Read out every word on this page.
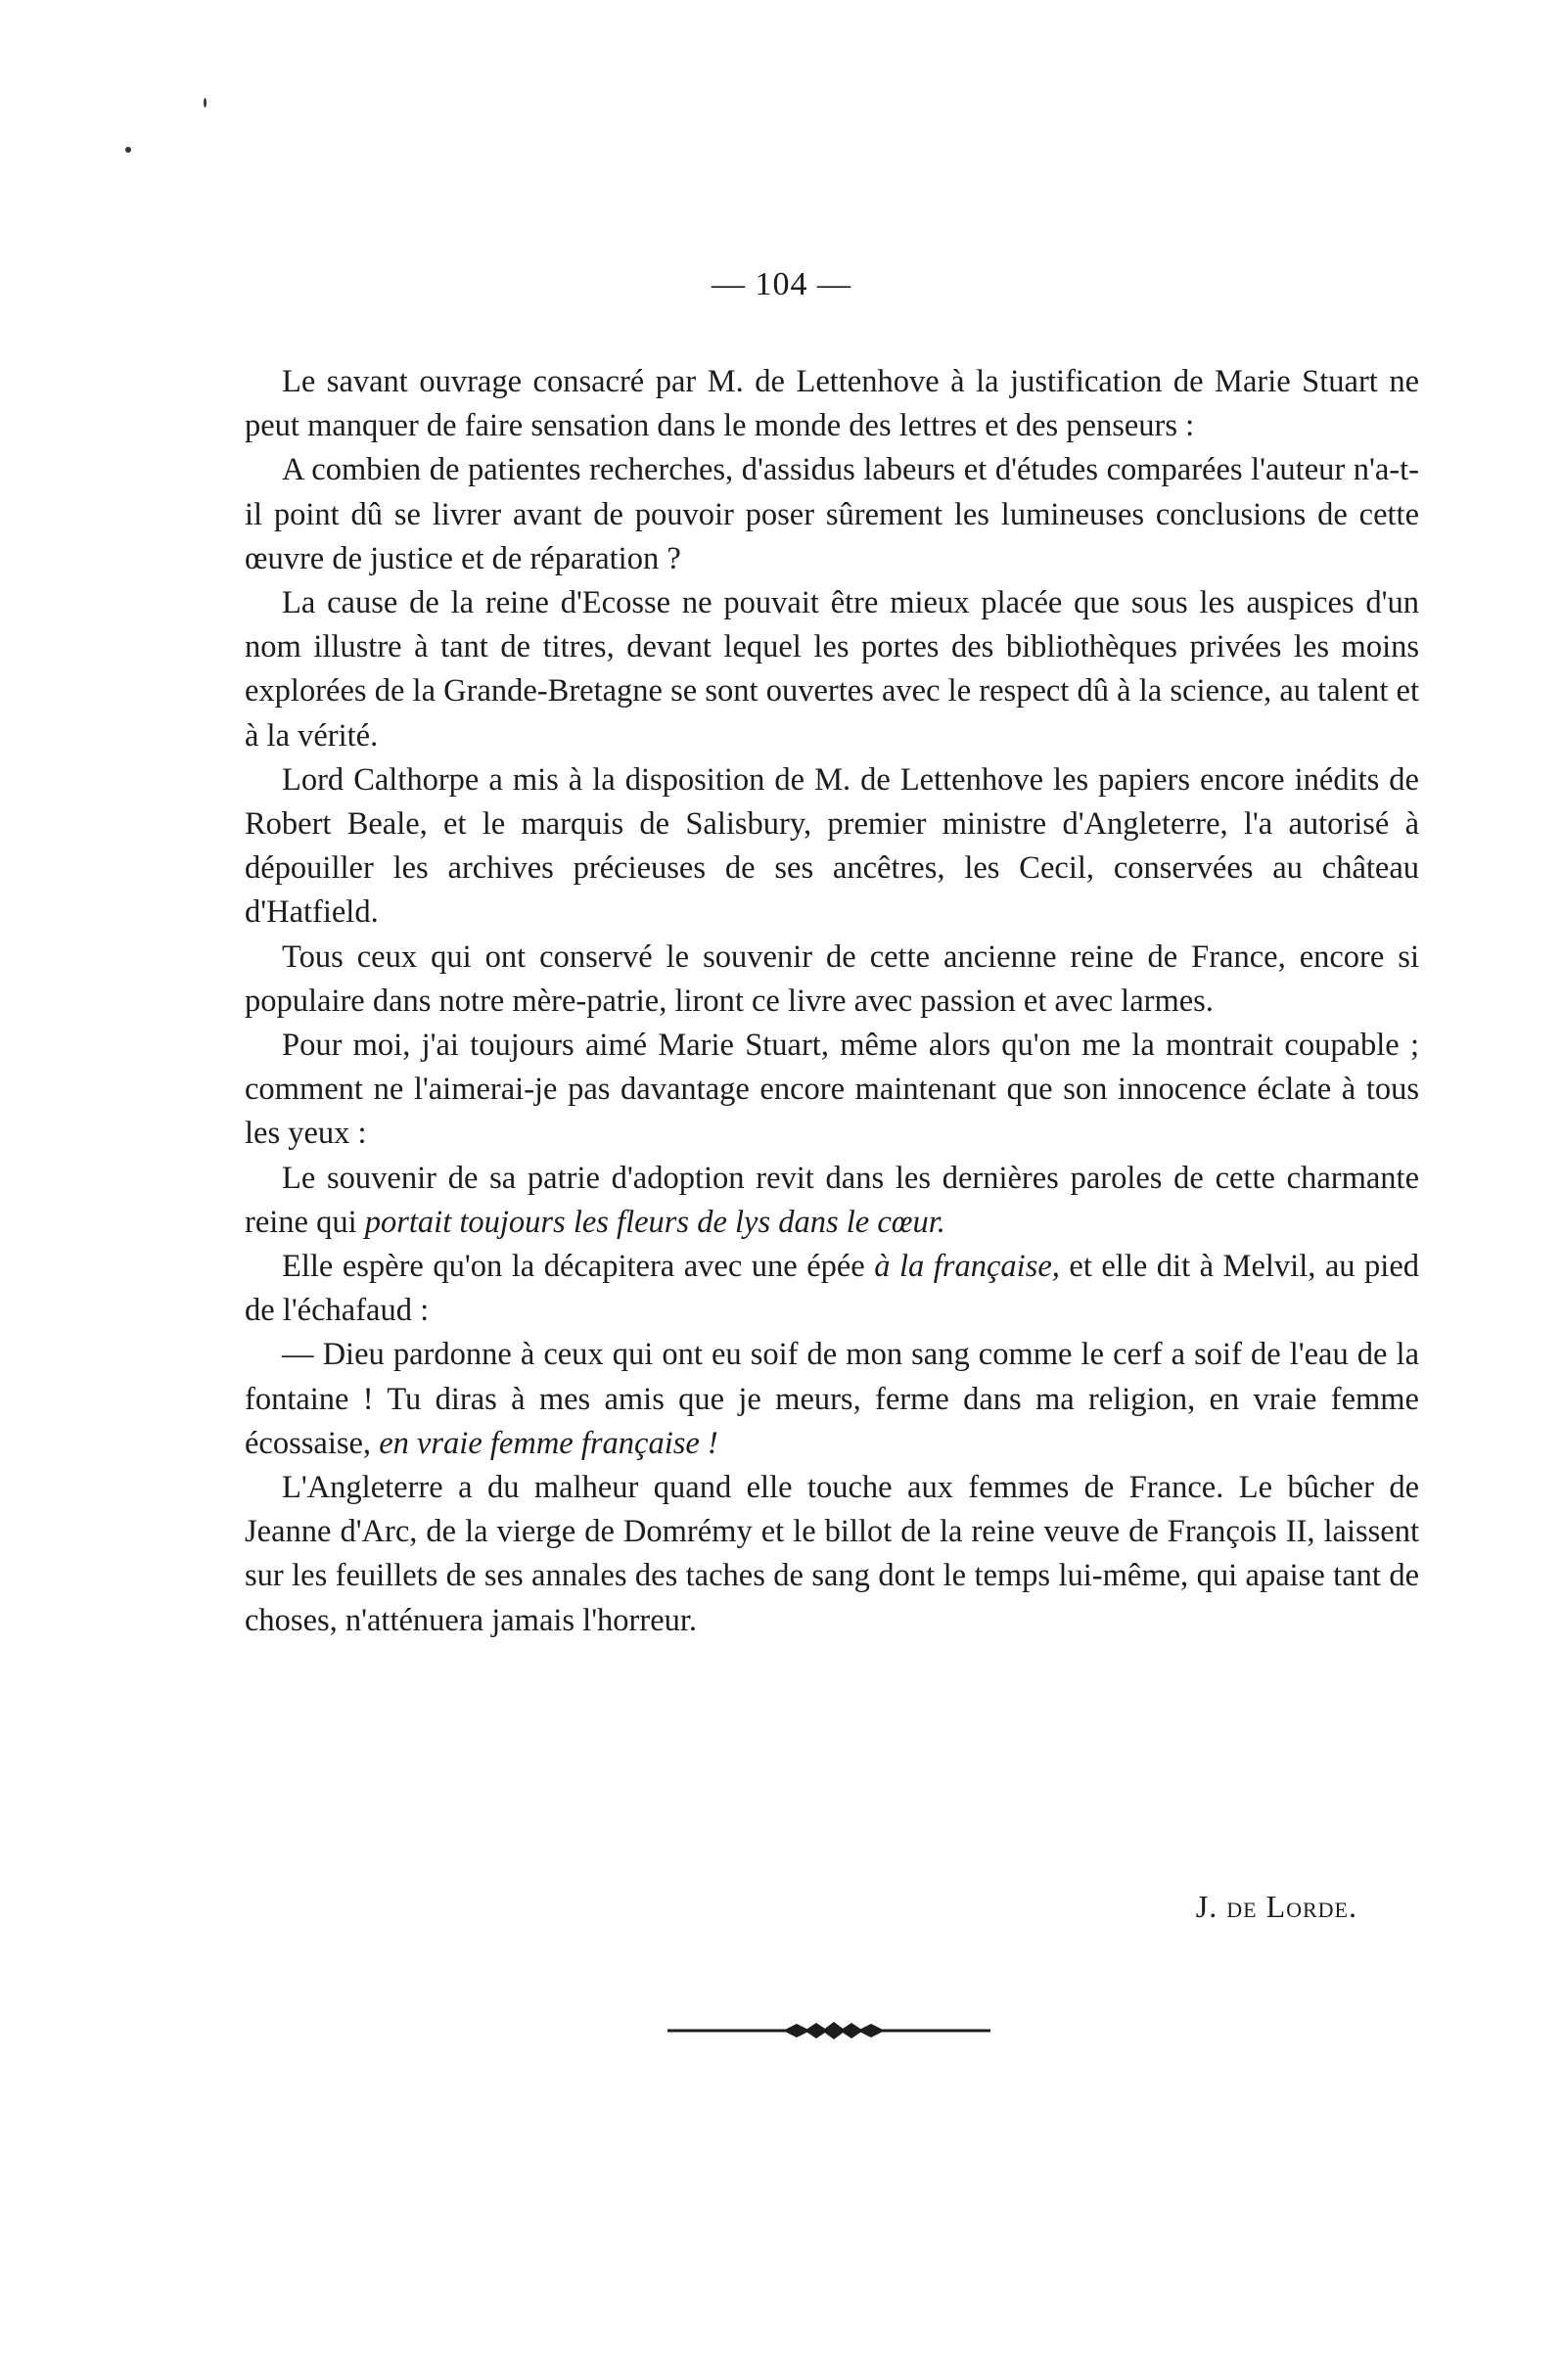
— 104 —

Le savant ouvrage consacré par M. de Lettenhove à la justification de Marie Stuart ne peut manquer de faire sensation dans le monde des lettres et des penseurs :

A combien de patientes recherches, d'assidus labeurs et d'études comparées l'auteur n'a-t-il point dû se livrer avant de pouvoir poser sûrement les lumineuses conclusions de cette œuvre de justice et de réparation ?

La cause de la reine d'Ecosse ne pouvait être mieux placée que sous les auspices d'un nom illustre à tant de titres, devant lequel les portes des bibliothèques privées les moins explorées de la Grande-Bretagne se sont ouvertes avec le respect dû à la science, au talent et à la vérité.

Lord Calthorpe a mis à la disposition de M. de Lettenhove les papiers encore inédits de Robert Beale, et le marquis de Salisbury, premier ministre d'Angleterre, l'a autorisé à dépouiller les archives précieuses de ses ancêtres, les Cecil, conservées au château d'Hatfield.

Tous ceux qui ont conservé le souvenir de cette ancienne reine de France, encore si populaire dans notre mère-patrie, liront ce livre avec passion et avec larmes.

Pour moi, j'ai toujours aimé Marie Stuart, même alors qu'on me la montrait coupable ; comment ne l'aimerai-je pas davantage encore maintenant que son innocence éclate à tous les yeux :

Le souvenir de sa patrie d'adoption revit dans les dernières paroles de cette charmante reine qui portait toujours les fleurs de lys dans le cœur.

Elle espère qu'on la décapitera avec une épée à la française, et elle dit à Melvil, au pied de l'échafaud :

— Dieu pardonne à ceux qui ont eu soif de mon sang comme le cerf a soif de l'eau de la fontaine ! Tu diras à mes amis que je meurs, ferme dans ma religion, en vraie femme écossaise, en vraie femme française !

L'Angleterre a du malheur quand elle touche aux femmes de France. Le bûcher de Jeanne d'Arc, de la vierge de Domrémy et le billot de la reine veuve de François II, laissent sur les feuillets de ses annales des taches de sang dont le temps lui-même, qui apaise tant de choses, n'atténuera jamais l'horreur.

J. de Lorde.
